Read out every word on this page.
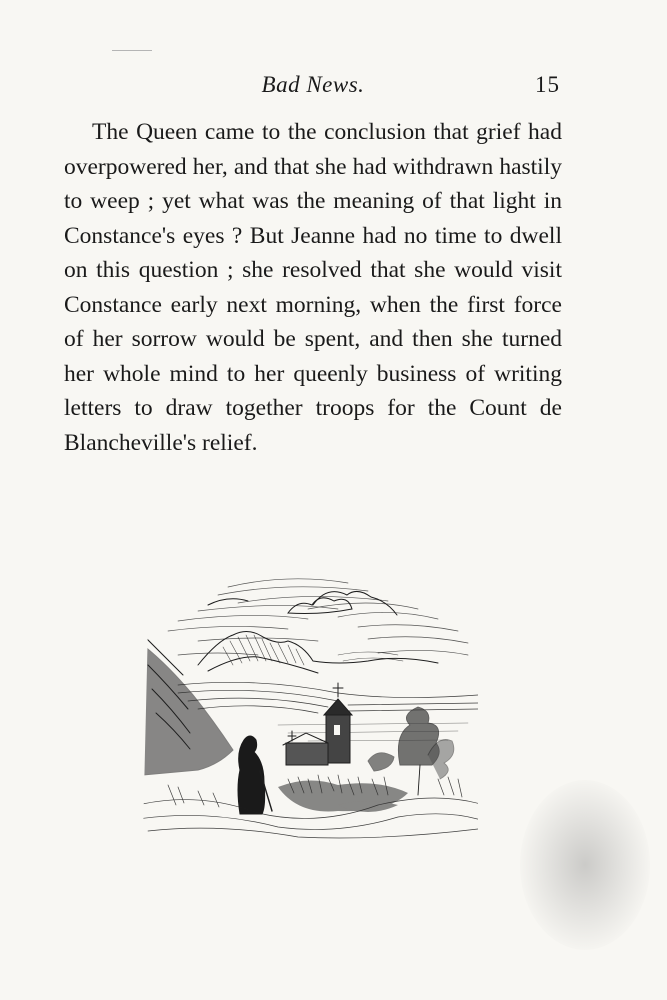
Bad News.	15

The Queen came to the conclusion that grief had overpowered her, and that she had withdrawn hastily to weep ; yet what was the meaning of that light in Constance's eyes ? But Jeanne had no time to dwell on this question ; she resolved that she would visit Constance early next morning, when the first force of her sorrow would be spent, and then she turned her whole mind to her queenly business of writing letters to draw together troops for the Count de Blancheville's relief.
